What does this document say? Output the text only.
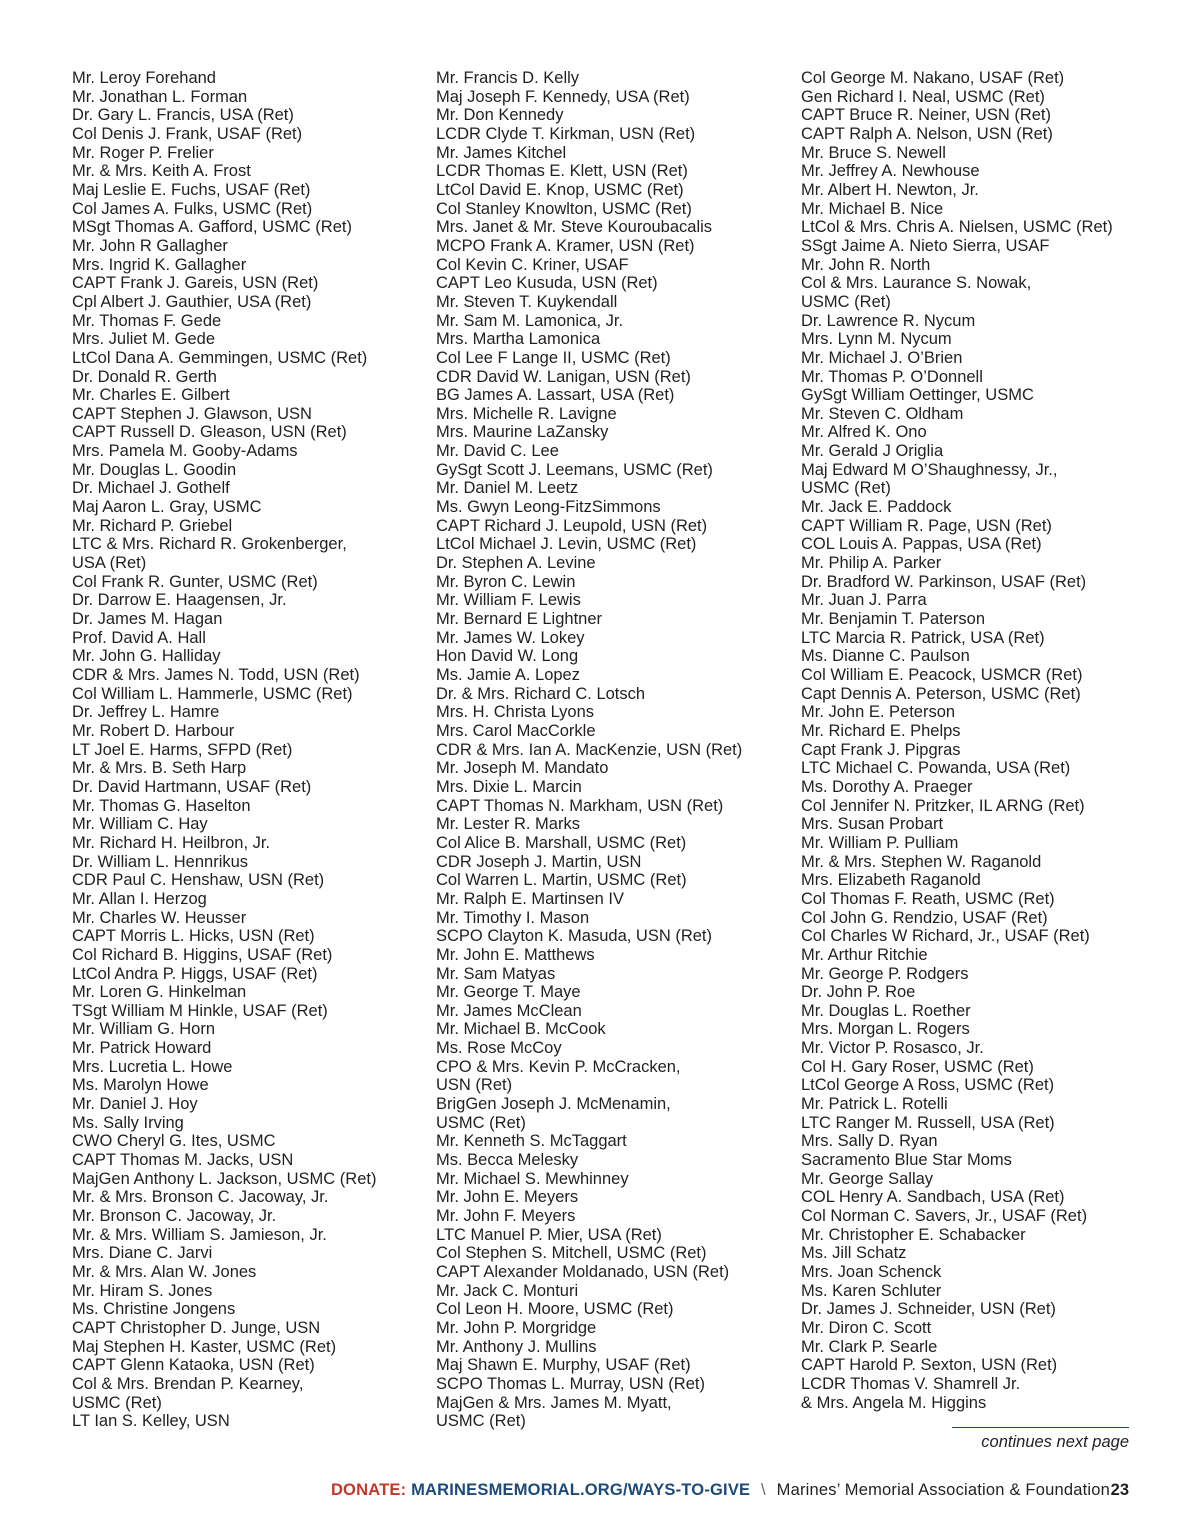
Mr. Leroy Forehand
Mr. Jonathan L. Forman
Dr. Gary L. Francis, USA (Ret)
Col Denis J. Frank, USAF (Ret)
Mr. Roger P. Frelier
Mr. & Mrs. Keith A. Frost
Maj Leslie E. Fuchs, USAF (Ret)
Col James A. Fulks, USMC (Ret)
MSgt Thomas A. Gafford, USMC (Ret)
Mr. John R Gallagher
Mrs. Ingrid K. Gallagher
CAPT Frank J. Gareis, USN (Ret)
Cpl Albert J. Gauthier, USA (Ret)
Mr. Thomas F. Gede
Mrs. Juliet M. Gede
LtCol Dana A. Gemmingen, USMC (Ret)
Dr. Donald R. Gerth
Mr. Charles E. Gilbert
CAPT Stephen J. Glawson, USN
CAPT Russell D. Gleason, USN (Ret)
Mrs. Pamela M. Gooby-Adams
Mr. Douglas L. Goodin
Dr. Michael J. Gothelf
Maj Aaron L. Gray, USMC
Mr. Richard P. Griebel
LTC & Mrs. Richard R. Grokenberger,
USA (Ret)
Col Frank R. Gunter, USMC (Ret)
Dr. Darrow E. Haagensen, Jr.
Dr. James M. Hagan
Prof. David A. Hall
Mr. John G. Halliday
CDR & Mrs. James N. Todd, USN (Ret)
Col William L. Hammerle, USMC (Ret)
Dr. Jeffrey L. Hamre
Mr. Robert D. Harbour
LT Joel E. Harms, SFPD (Ret)
Mr. & Mrs. B. Seth Harp
Dr. David Hartmann, USAF (Ret)
Mr. Thomas G. Haselton
Mr. William C. Hay
Mr. Richard H. Heilbron, Jr.
Dr. William L. Hennrikus
CDR Paul C. Henshaw, USN (Ret)
Mr. Allan I. Herzog
Mr. Charles W. Heusser
CAPT Morris L. Hicks, USN (Ret)
Col Richard B. Higgins, USAF (Ret)
LtCol Andra P. Higgs, USAF (Ret)
Mr. Loren G. Hinkelman
TSgt William M Hinkle, USAF (Ret)
Mr. William G. Horn
Mr. Patrick Howard
Mrs. Lucretia L. Howe
Ms. Marolyn Howe
Mr. Daniel J. Hoy
Ms. Sally Irving
CWO Cheryl G. Ites, USMC
CAPT Thomas M. Jacks, USN
MajGen Anthony L. Jackson, USMC (Ret)
Mr. & Mrs. Bronson C. Jacoway, Jr.
Mr. Bronson C. Jacoway, Jr.
Mr. & Mrs. William S. Jamieson, Jr.
Mrs. Diane C. Jarvi
Mr. & Mrs. Alan W. Jones
Mr. Hiram S. Jones
Ms. Christine Jongens
CAPT Christopher D. Junge, USN
Maj Stephen H. Kaster, USMC (Ret)
CAPT Glenn Kataoka, USN (Ret)
Col & Mrs. Brendan P. Kearney,
USMC (Ret)
LT Ian S. Kelley, USN
Mr. Francis D. Kelly
Maj Joseph F. Kennedy, USA (Ret)
Mr. Don Kennedy
LCDR Clyde T. Kirkman, USN (Ret)
Mr. James Kitchel
LCDR Thomas E. Klett, USN (Ret)
LtCol David E. Knop, USMC (Ret)
Col Stanley Knowlton, USMC (Ret)
Mrs. Janet & Mr. Steve Kouroubacalis
MCPO Frank A. Kramer, USN (Ret)
Col Kevin C. Kriner, USAF
CAPT Leo Kusuda, USN (Ret)
Mr. Steven T. Kuykendall
Mr. Sam M. Lamonica, Jr.
Mrs. Martha Lamonica
Col Lee F Lange II, USMC (Ret)
CDR David W. Lanigan, USN (Ret)
BG James A. Lassart, USA (Ret)
Mrs. Michelle R. Lavigne
Mrs. Maurine LaZansky
Mr. David C. Lee
GySgt Scott J. Leemans, USMC (Ret)
Mr. Daniel M. Leetz
Ms. Gwyn Leong-FitzSimmons
CAPT Richard J. Leupold, USN (Ret)
LtCol Michael J. Levin, USMC (Ret)
Dr. Stephen A. Levine
Mr. Byron C. Lewin
Mr. William F. Lewis
Mr. Bernard E Lightner
Mr. James W. Lokey
Hon David W. Long
Ms. Jamie A. Lopez
Dr. & Mrs. Richard C. Lotsch
Mrs. H. Christa Lyons
Mrs. Carol MacCorkle
CDR & Mrs. Ian A. MacKenzie, USN (Ret)
Mr. Joseph M. Mandato
Mrs. Dixie L. Marcin
CAPT Thomas N. Markham, USN (Ret)
Mr. Lester R. Marks
Col Alice B. Marshall, USMC (Ret)
CDR Joseph J. Martin, USN
Col Warren L. Martin, USMC (Ret)
Mr. Ralph E. Martinsen IV
Mr. Timothy I. Mason
SCPO Clayton K. Masuda, USN (Ret)
Mr. John E. Matthews
Mr. Sam Matyas
Mr. George T. Maye
Mr. James McClean
Mr. Michael B. McCook
Ms. Rose McCoy
CPO & Mrs. Kevin P. McCracken,
USN (Ret)
BrigGen Joseph J. McMenamin,
USMC (Ret)
Mr. Kenneth S. McTaggart
Ms. Becca Melesky
Mr. Michael S. Mewhinney
Mr. John E. Meyers
Mr. John F. Meyers
LTC Manuel P. Mier, USA (Ret)
Col Stephen S. Mitchell, USMC (Ret)
CAPT Alexander Moldanado, USN (Ret)
Mr. Jack C. Monturi
Col Leon H. Moore, USMC (Ret)
Mr. John P. Morgridge
Mr. Anthony J. Mullins
Maj Shawn E. Murphy, USAF (Ret)
SCPO Thomas L. Murray, USN (Ret)
MajGen & Mrs. James M. Myatt,
USMC (Ret)
Col George M. Nakano, USAF (Ret)
Gen Richard I. Neal, USMC (Ret)
CAPT Bruce R. Neiner, USN (Ret)
CAPT Ralph A. Nelson, USN (Ret)
Mr. Bruce S. Newell
Mr. Jeffrey A. Newhouse
Mr. Albert H. Newton, Jr.
Mr. Michael B. Nice
LtCol & Mrs. Chris A. Nielsen, USMC (Ret)
SSgt Jaime A. Nieto Sierra, USAF
Mr. John R. North
Col & Mrs. Laurance S. Nowak,
USMC (Ret)
Dr. Lawrence R. Nycum
Mrs. Lynn M. Nycum
Mr. Michael J. O’Brien
Mr. Thomas P. O’Donnell
GySgt William Oettinger, USMC
Mr. Steven C. Oldham
Mr. Alfred K. Ono
Mr. Gerald J Origlia
Maj Edward M O’Shaughnessy, Jr.,
USMC (Ret)
Mr. Jack E. Paddock
CAPT William R. Page, USN (Ret)
COL Louis A. Pappas, USA (Ret)
Mr. Philip A. Parker
Dr. Bradford W. Parkinson, USAF (Ret)
Mr. Juan J. Parra
Mr. Benjamin T. Paterson
LTC Marcia R. Patrick, USA (Ret)
Ms. Dianne C. Paulson
Col William E. Peacock, USMCR (Ret)
Capt Dennis A. Peterson, USMC (Ret)
Mr. John E. Peterson
Mr. Richard E. Phelps
Capt Frank J. Pipgras
LTC Michael C. Powanda, USA (Ret)
Ms. Dorothy A. Praeger
Col Jennifer N. Pritzker, IL ARNG (Ret)
Mrs. Susan Probart
Mr. William P. Pulliam
Mr. & Mrs. Stephen W. Raganold
Mrs. Elizabeth Raganold
Col Thomas F. Reath, USMC (Ret)
Col John G. Rendzio, USAF (Ret)
Col Charles W Richard, Jr., USAF (Ret)
Mr. Arthur Ritchie
Mr. George P. Rodgers
Dr. John P. Roe
Mr. Douglas L. Roether
Mrs. Morgan L. Rogers
Mr. Victor P. Rosasco, Jr.
Col H. Gary Roser, USMC (Ret)
LtCol George A Ross, USMC (Ret)
Mr. Patrick L. Rotelli
LTC Ranger M. Russell, USA (Ret)
Mrs. Sally D. Ryan
Sacramento Blue Star Moms
Mr. George Sallay
COL Henry A. Sandbach, USA (Ret)
Col Norman C. Savers, Jr., USAF (Ret)
Mr. Christopher E. Schabacker
Ms. Jill Schatz
Mrs. Joan Schenck
Ms. Karen Schluter
Dr. James J. Schneider, USN (Ret)
Mr. Diron C. Scott
Mr. Clark P. Searle
CAPT Harold P. Sexton, USN (Ret)
LCDR Thomas V. Shamrell Jr.
& Mrs. Angela M. Higgins
continues next page
DONATE: MARINESMEMORIAL.ORG/WAYS-TO-GIVE \ Marines’ Memorial Association & Foundation 23
